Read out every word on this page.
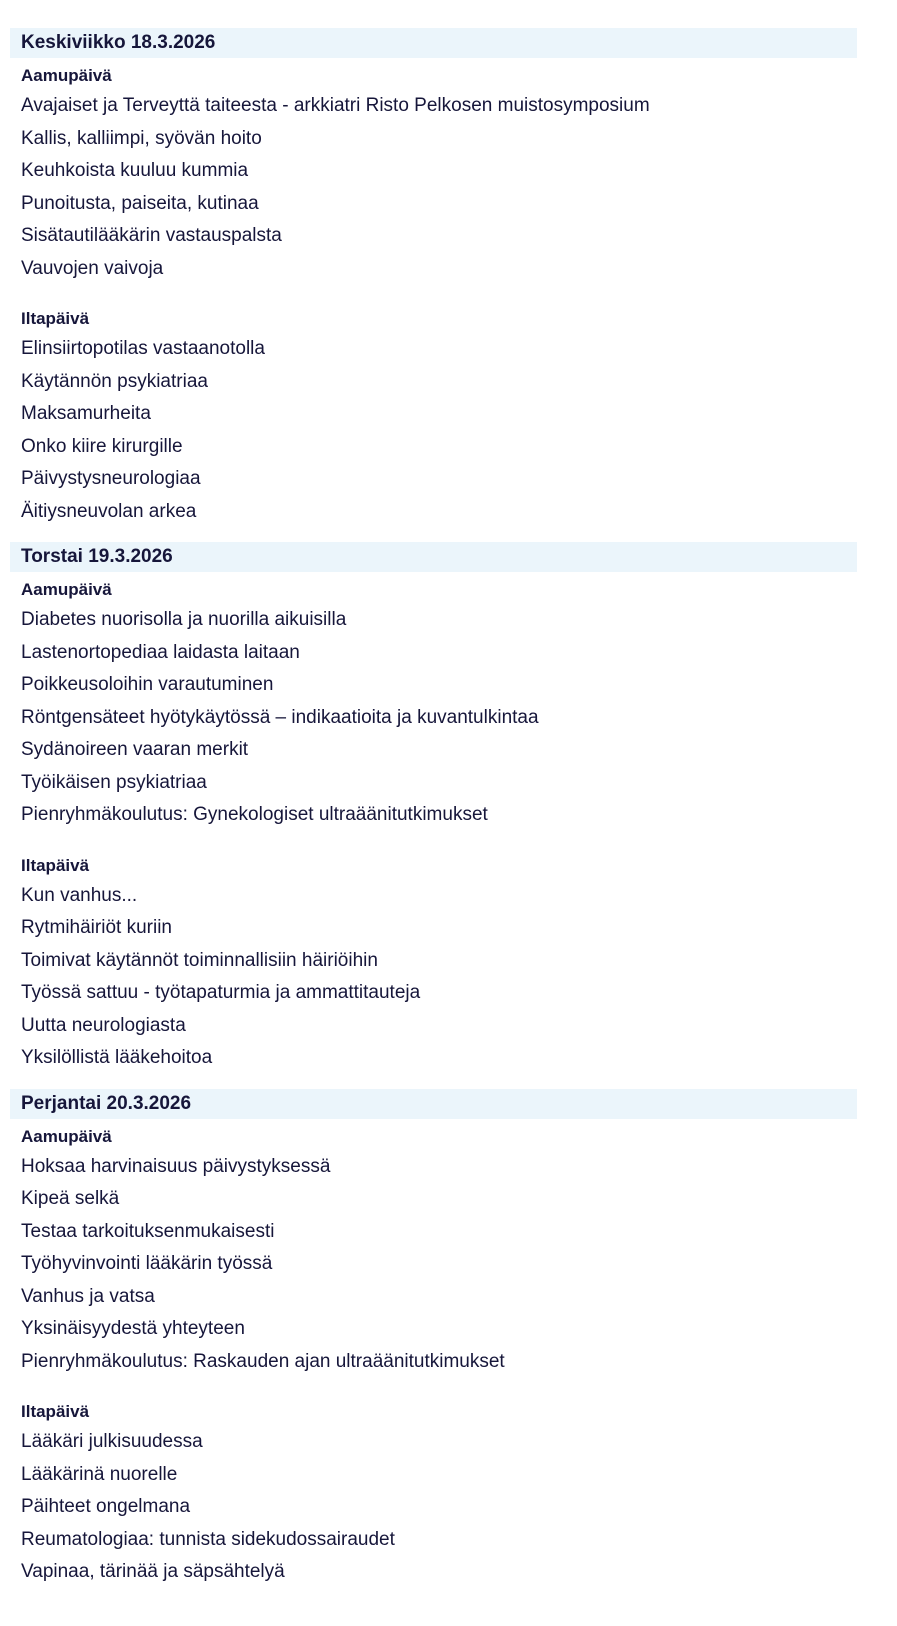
Keskiviikko 18.3.2026
Aamupäivä
Avajaiset ja Terveyttä taiteesta - arkkiatri Risto Pelkosen muistosymposium
Kallis, kalliimpi, syövän hoito
Keuhkoista kuuluu kummia
Punoitusta, paiseita, kutinaa
Sisätautilääkärin vastauspalsta
Vauvojen vaivoja
Iltapäivä
Elinsiirtopotilas vastaanotolla
Käytännön psykiatriaa
Maksamurheita
Onko kiire kirurgille
Päivystysneurologiaa
Äitiysneuvolan arkea
Torstai 19.3.2026
Aamupäivä
Diabetes nuorisolla ja nuorilla aikuisilla
Lastenortopediaa laidasta laitaan
Poikkeusoloihin varautuminen
Röntgensäteet hyötykäytössä – indikaatioita ja kuvantulkintaa
Sydänoireen vaaran merkit
Työikäisen psykiatriaa
Pienryhmäkoulutus: Gynekologiset ultraäänitutkimukset
Iltapäivä
Kun vanhus...
Rytmihäiriöt kuriin
Toimivat käytännöt toiminnallisiin häiriöihin
Työssä sattuu - työtapaturmia ja ammattitauteja
Uutta neurologiasta
Yksilöllistä lääkehoitoa
Perjantai 20.3.2026
Aamupäivä
Hoksaa harvinaisuus päivystyksessä
Kipeä selkä
Testaa tarkoituksenmukaisesti
Työhyvinvointi lääkärin työssä
Vanhus ja vatsa
Yksinäisyydestä yhteyteen
Pienryhmäkoulutus: Raskauden ajan ultraäänitutkimukset
Iltapäivä
Lääkäri julkisuudessa
Lääkärinä nuorelle
Päihteet ongelmana
Reumatologiaa: tunnista sidekudossairaudet
Vapinaa, tärinää ja säpsähtelyä
